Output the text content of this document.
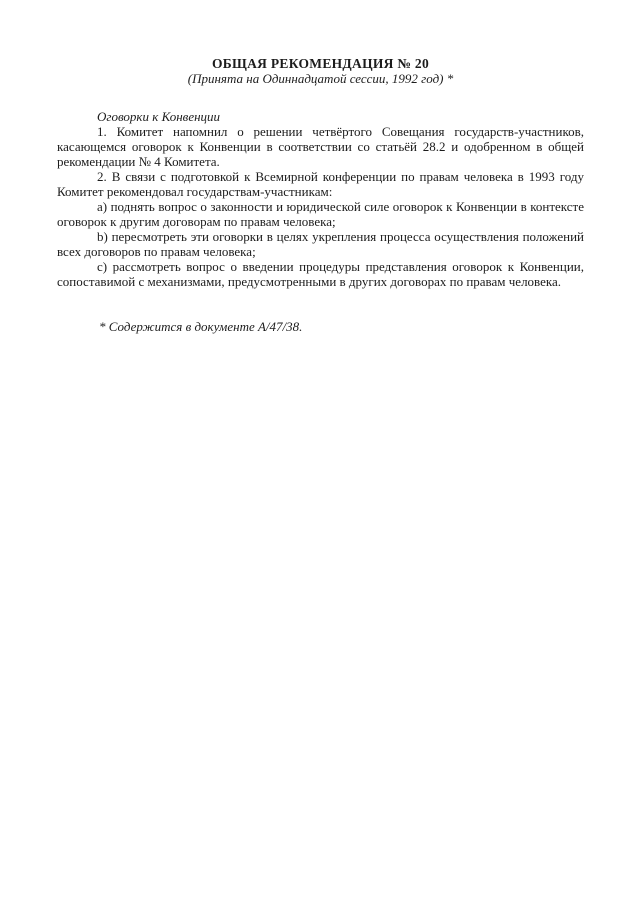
ОБЩАЯ РЕКОМЕНДАЦИЯ № 20

(Принята на Одиннадцатой сессии, 1992 год) *

Оговорки к Конвенции

1. Комитет напомнил о решении четвёртого Совещания государств-участников, касающемся оговорок к Конвенции в соответствии со статьёй 28.2 и одобренном в общей рекомендации № 4 Комитета.

2. В связи с подготовкой к Всемирной конференции по правам человека в 1993 году Комитет рекомендовал государствам-участникам:

a) поднять вопрос о законности и юридической силе оговорок к Конвенции в контексте оговорок к другим договорам по правам человека;

b) пересмотреть эти оговорки в целях укрепления процесса осуществления положений всех договоров по правам человека;

c) рассмотреть вопрос о введении процедуры представления оговорок к Конвенции, сопоставимой с механизмами, предусмотренными в других договорах по правам человека.

* Содержится в документе A/47/38.
